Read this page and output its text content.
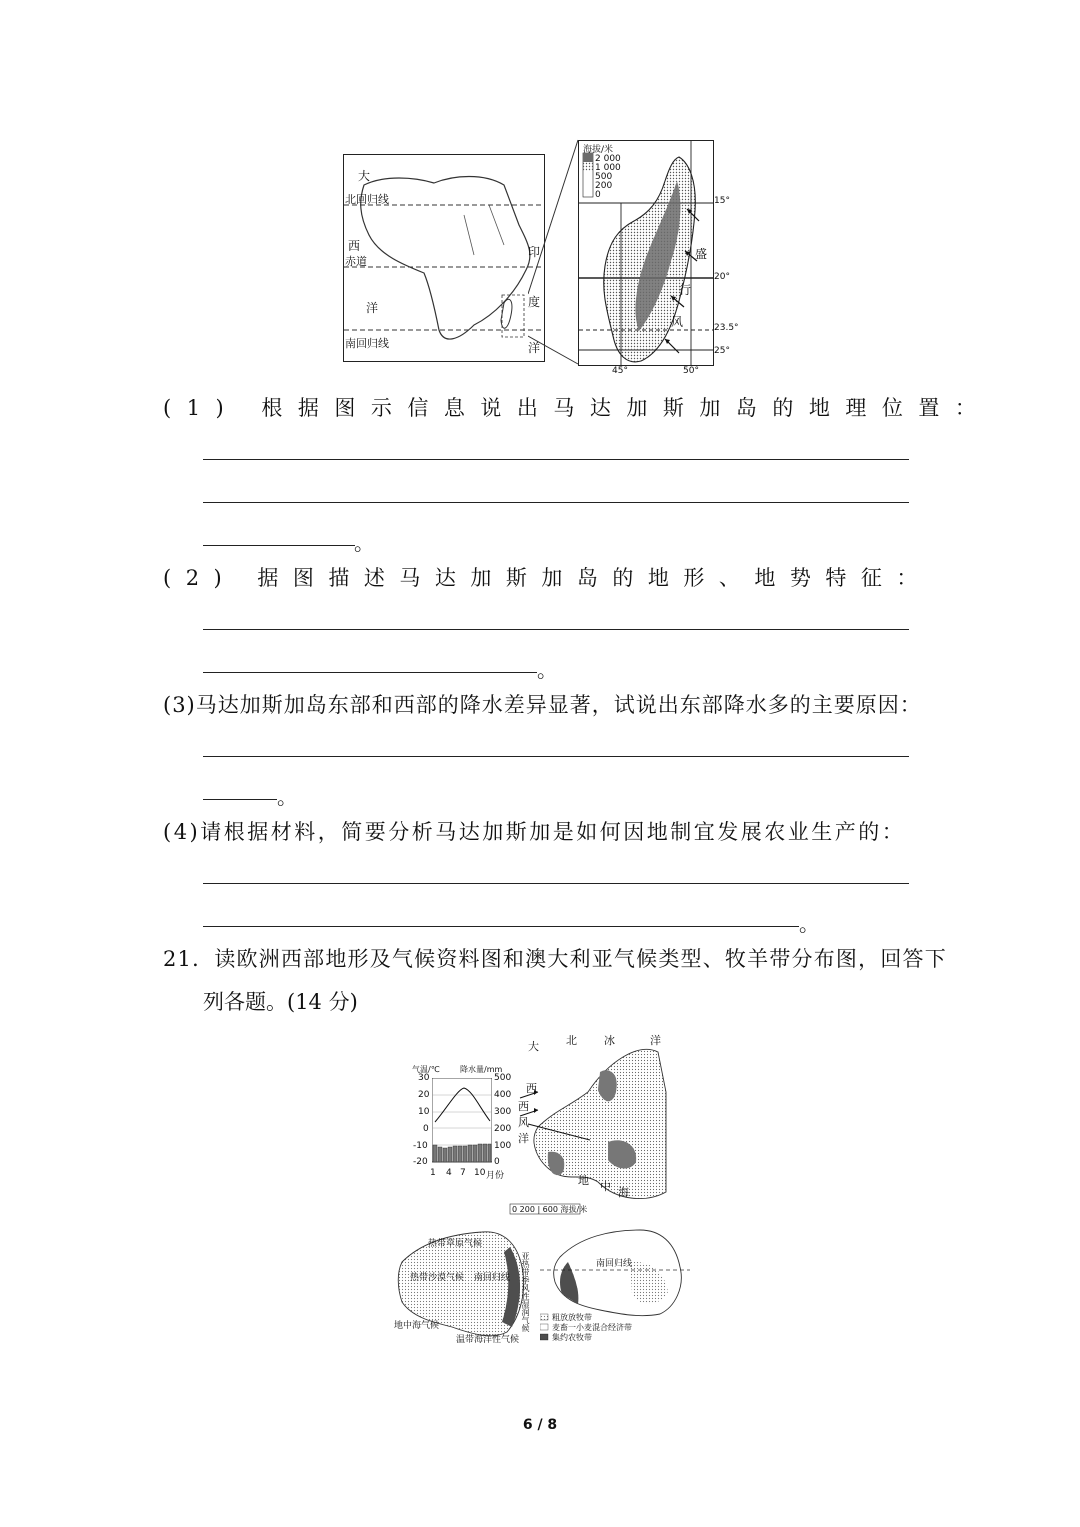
大
北回归线
西
赤道
洋
南回归线
印
度
洋
海拔/米
2 000
1 000
500
200
0
盛
行
风
15°
20°
23.5°
25°
45°	50°
(1) 根据图示信息说出马达加斯加岛的地理位置：
。
(2) 据图描述马达加斯加岛的地形、地势特征：
。
(3)马达加斯加岛东部和西部的降水差异显著，试说出东部降水多的主要原因：
。
(4)请根据材料，简要分析马达加斯加是如何因地制宜发展农业生产的：
。
21．读欧洲西部地形及气候资料图和澳大利亚气候类型、牧羊带分布图，回答下
列各题。(14 分)
气温/℃	降水量/mm
30
20
10
0
-10
-20
500
400
300
200
100
0
1 4 7 10 月份
大 北 冰	洋
西
西
风
洋
地 中 海
0 200 | 600 海拔/米
热带草原气候
热带沙漠气候 南回归线
地中海气候
温带海洋性气候
亚热带季风性湿润气候	南回归线
粗放放牧带
麦畜一小麦混合经济带
集约农牧带
6 / 8
